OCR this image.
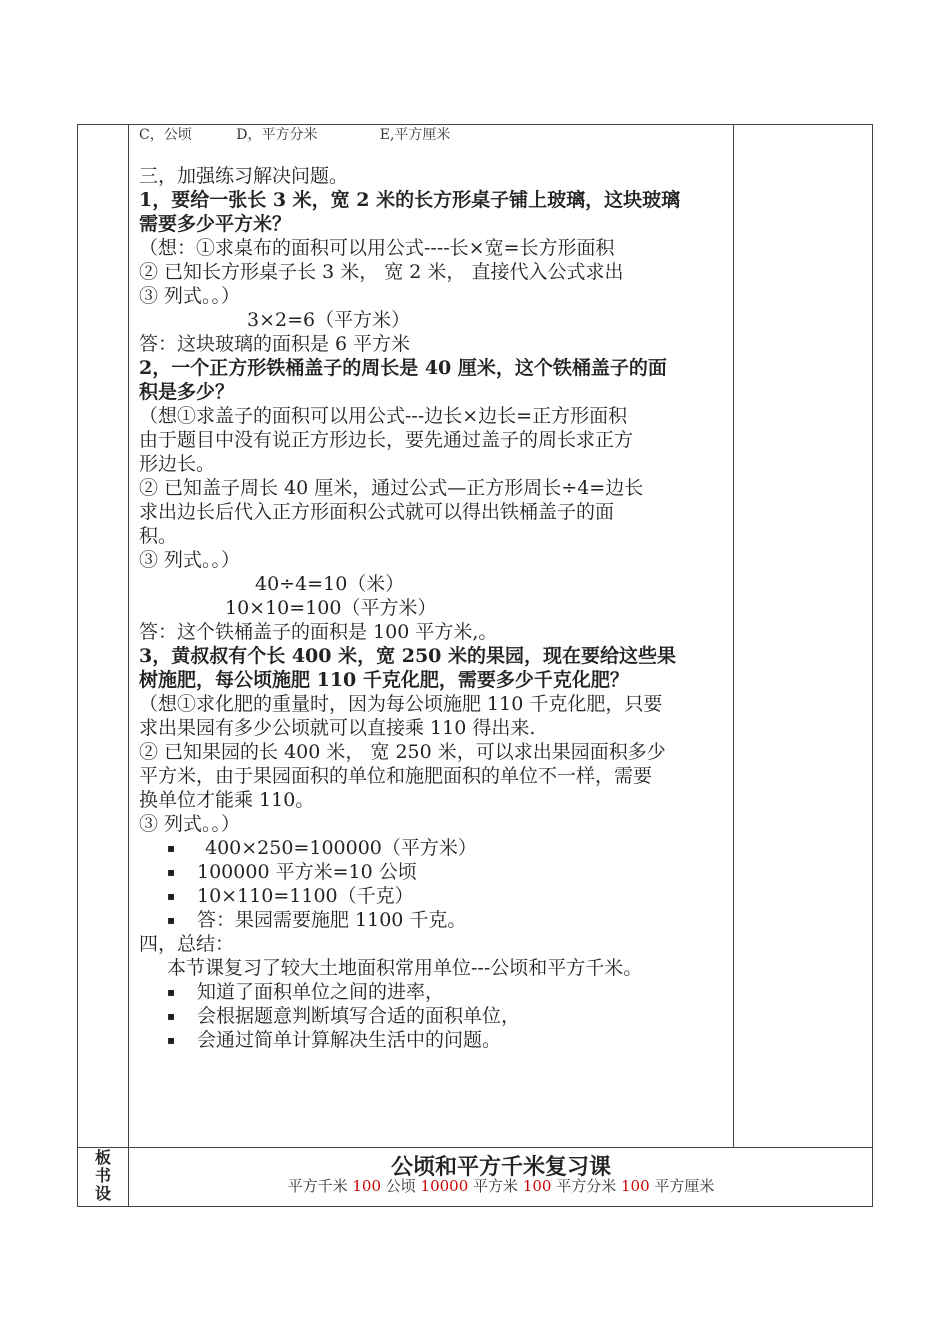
C，公顷          D，平方分米              E,平方厘米
三，加强练习解决问题。
1，要给一张长 3 米，宽 2 米的长方形桌子铺上玻璃，这块玻璃
需要多少平方米？
（想：①求桌布的面积可以用公式----长×宽=长方形面积
② 已知长方形桌子长 3 米， 宽 2 米， 直接代入公式求出
③ 列式。。）
3×2=6（平方米）
答：这块玻璃的面积是 6 平方米
2，一个正方形铁桶盖子的周长是 40 厘米，这个铁桶盖子的面
积是多少？
（想①求盖子的面积可以用公式---边长×边长=正方形面积
由于题目中没有说正方形边长，要先通过盖子的周长求正方
形边长。
② 已知盖子周长 40 厘米，通过公式—正方形周长÷4=边长
求出边长后代入正方形面积公式就可以得出铁桶盖子的面
积。
③ 列式。。）
40÷4=10（米）
10×10=100（平方米）
答：这个铁桶盖子的面积是 100 平方米,。
3，黄叔叔有个长 400 米，宽 250 米的果园，现在要给这些果
树施肥，每公顷施肥 110 千克化肥，需要多少千克化肥？
（想①求化肥的重量时，因为每公顷施肥 110 千克化肥，只要
求出果园有多少公顷就可以直接乘 110 得出来.
② 已知果园的长 400 米， 宽 250 米，可以求出果园面积多少
平方米，由于果园面积的单位和施肥面积的单位不一样，需要
换单位才能乘 110。
③ 列式。。）
▪ 400×250=100000（平方米）
▪ 100000 平方米=10 公顷
▪ 10×110=1100（千克）
▪ 答：果园需要施肥 1100 千克。
四，总结：
本节课复习了较大土地面积常用单位---公顷和平方千米。
▪ 知道了面积单位之间的进率，
▪ 会根据题意判断填写合适的面积单位，
▪ 会通过简单计算解决生活中的问题。
板
书
设
公顷和平方千米复习课
平方千米 100 公顷 10000 平方米 100 平方分米 100 平方厘米
